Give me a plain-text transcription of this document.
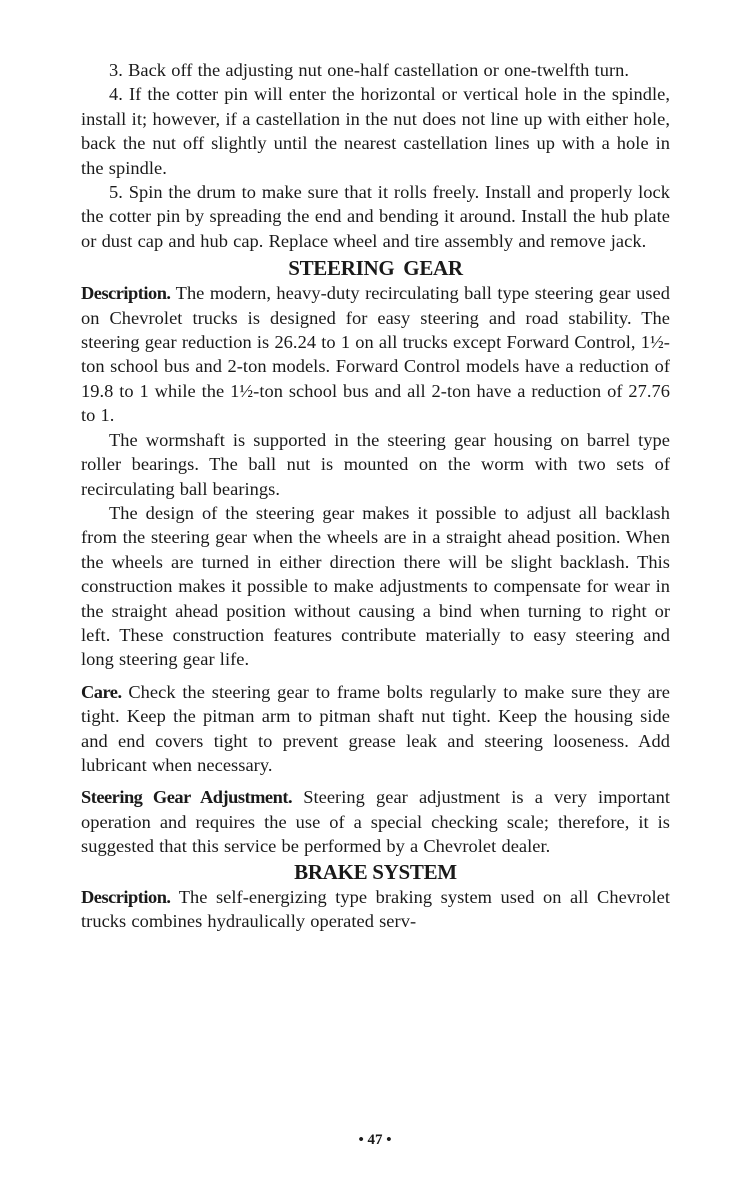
3. Back off the adjusting nut one-half castellation or one-twelfth turn.

4. If the cotter pin will enter the horizontal or vertical hole in the spindle, install it; however, if a castellation in the nut does not line up with either hole, back the nut off slightly until the nearest castellation lines up with a hole in the spindle.

5. Spin the drum to make sure that it rolls freely. Install and properly lock the cotter pin by spreading the end and bending it around. Install the hub plate or dust cap and hub cap. Replace wheel and tire assembly and remove jack.

STEERING GEAR

Description. The modern, heavy-duty recirculating ball type steering gear used on Chevrolet trucks is designed for easy steering and road stability. The steering gear reduction is 26.24 to 1 on all trucks except Forward Control, 1½-ton school bus and 2-ton models. Forward Control models have a reduction of 19.8 to 1 while the 1½-ton school bus and all 2-ton have a reduction of 27.76 to 1.

The wormshaft is supported in the steering gear housing on barrel type roller bearings. The ball nut is mounted on the worm with two sets of recirculating ball bearings.

The design of the steering gear makes it possible to adjust all backlash from the steering gear when the wheels are in a straight ahead position. When the wheels are turned in either direction there will be slight backlash. This construction makes it possible to make adjustments to compensate for wear in the straight ahead position without causing a bind when turning to right or left. These construction features contribute materially to easy steering and long steering gear life.

Care. Check the steering gear to frame bolts regularly to make sure they are tight. Keep the pitman arm to pitman shaft nut tight. Keep the housing side and end covers tight to prevent grease leak and steering looseness. Add lubricant when necessary.

Steering Gear Adjustment. Steering gear adjustment is a very important operation and requires the use of a special checking scale; therefore, it is suggested that this service be performed by a Chevrolet dealer.

BRAKE SYSTEM

Description. The self-energizing type braking system used on all Chevrolet trucks combines hydraulically operated serv-

• 47 •
